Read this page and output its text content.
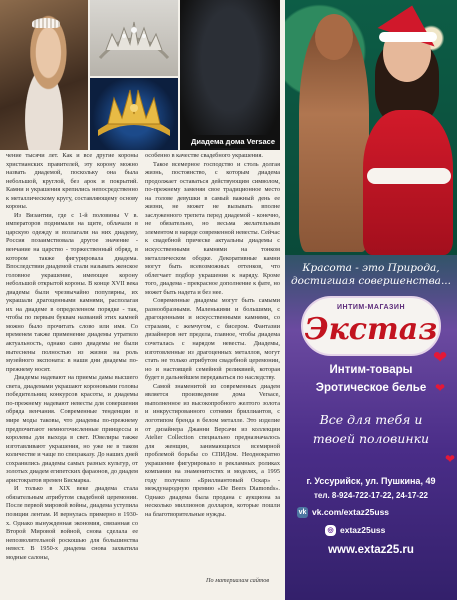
Диадема дома Versace

чение тысячи лет. Как и все другие короны христианских правителей, эту корону можно назвать диадемой, поскольку она была небольшой, круглой, без арок и покрытий. Камни и украшения крепились непосредственно к металлическому кругу, составляющему основу короны.

Из Византии, где с 1-й половины V в. императоров поднимали на щите, облачали в царскую одежду и возлагали на них диадему, Россия позаимствовала другое значение - венчание на царство - торжественный обряд, в котором также фигурировала диадема. Впоследствии диадемой стали называть женское головное украшение, имеющее корону небольшой открытой короны. В конце XVII века диадемы были чрезвычайно популярны, их украшали драгоценными камнями, располагая их на диадеме в определенном порядке - так, чтобы по первым буквам названий этих камней можно было прочитать слово или имя. Со временем также применение диадемы утратило актуальность, однако само диадемы не были вытеснены полностью из жизни на роль музейного экспоната: в наши дни диадемы по-прежнему носят.

Диадемы надевают на приемы дамы высшего света, диадемами украшают короновыми головы победительниц конкурсов красоты, и диадемы по-прежнему надевают невесты для совершения обряда венчания. Современные тенденции в мире моды таковы, что диадемы по-прежнему предпочитают немногочисленные принцессы и королевы для выхода в свет. Ювелиры также изготавливают украшения, но уже не в таком количестве и чаще по спецзаказу. До наших дней сохранились диадемы самых разных культур, от золотых диадем египетских фараонов, до диадем аристократов времен Бисмарка.

И только в XIX веке диадема стала обязательным атрибутом свадебной церемонии. После первой мировой войны, диадема уступила позиции лентам. И вернулась примерно в 1930-х. Однако вынужденная экономия, связанная со Второй Мировой войной, снова сделала ее непозволительной роскошью для большинства невест. В 1950-х диадема снова захватила модные салоны,

особенно в качестве свадебного украшения.

Такое всемерное господство и столь долгая жизнь, постоянство, с которым диадема продолжает оставаться действующим символом, по-прежнему заменяя свое традиционное место на голове девушки в самый важный день ее жизни, не может не вызывать вполне заслуженного трепета перед диадемой - конечно, не обязательно, но весьма желательным элементом в наряде современной невесты. Сейчас к свадебной прическе актуальны диадемы с искусственными камнями на тонком металлическом ободке. Декоративные камни могут быть всевозможных оттенков, что облегчает подбор украшения к наряду. Кроме того, диадема - прекрасное дополнение к фате, но может быть надета и без нее.

Современные диадемы могут быть самыми разнообразными. Маленькими и большими, с драгоценными и искусственными камнями, со стразами, с жемчугом, с бисером. Фантазии дизайнеров нет предела, главное, чтобы диадема сочеталась с нарядом невесты. Диадемы, изготовленные из драгоценных металлов, могут стать не только атрибутом свадебной церемонии, но и настоящей семейной реликвией, которая будет в дальнейшем передаваться по наследству.

Самой знаменитой из современных диадем является произведение дома Versace, выполненное из высокопробного желтого золота и инкрустированного сотнями бриллиантов, с логотипом бренда в белом металле. Это изделие от дизайнера Джанни Версачи из коллекции Atelier Collection специально предназначалось для женщин, занимающихся всемирной проблемой борьбы со СПИДом. Неоднократно украшение фигурировало в рекламных роликах компании на знаменитостях и моделях, а 1995 году получило «Бриллиантовый Оскар» - международную премию «De Beers Diamonds». Однако диадема была продана с аукциона за несколько миллионов долларов, которые пошли на благотворительные нужды.

По материалам сайтов
Красота - это Природа,
достигшая совершенства...
ИНТИМ-МАГАЗИН
Экстаз
❤
Интим-товары
Эротическое белье ❤
Все для тебя и
твоей половинки
❤
г. Уссурийск, ул. Пушкина, 49
тел. 8-924-722-17-22, 24-17-22
vk vk.com/extaz25uss
◎ extaz25uss
www.extaz25.ru
